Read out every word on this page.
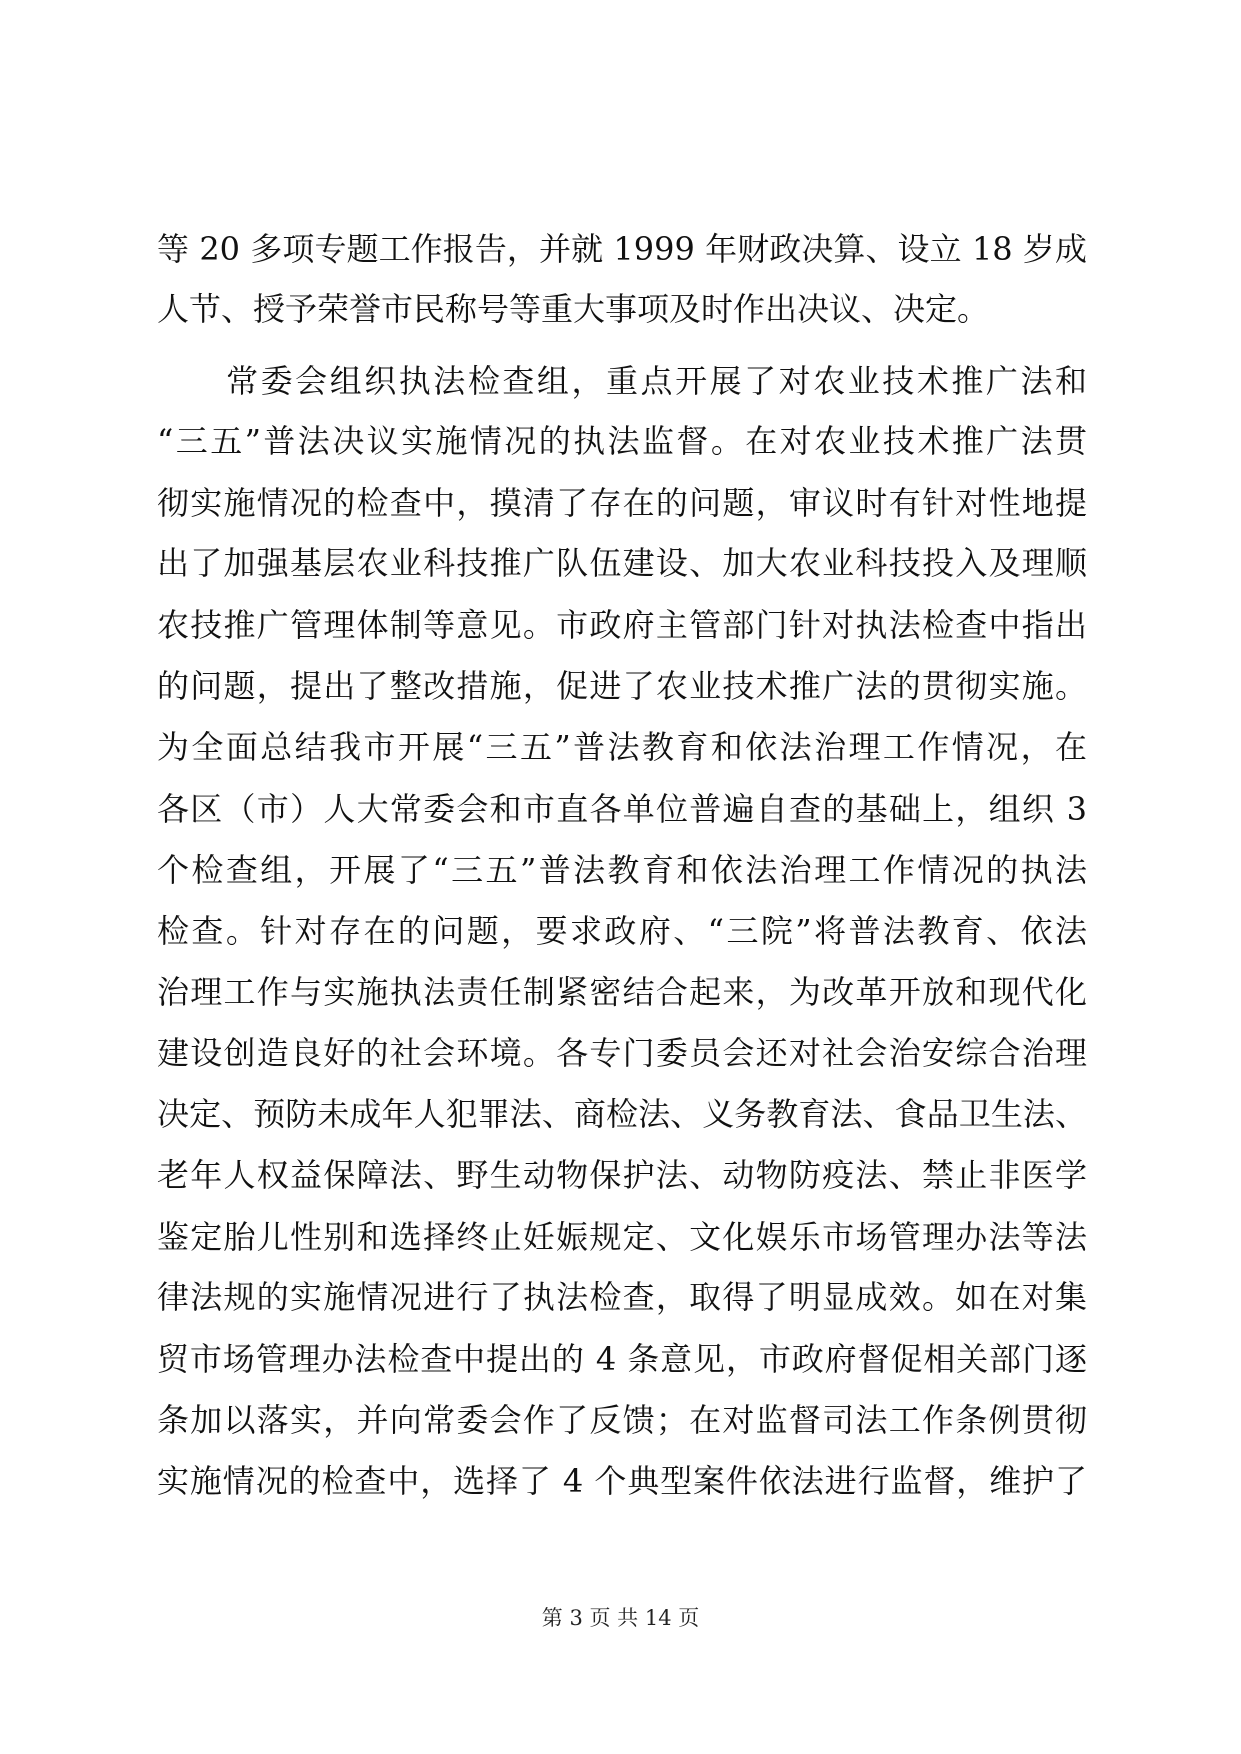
等 20 多项专题工作报告，并就 1999 年财政决算、设立 18 岁成
人节、授予荣誉市民称号等重大事项及时作出决议、决定。
　　常委会组织执法检查组，重点开展了对农业技术推广法和
“三五”普法决议实施情况的执法监督。在对农业技术推广法贯
彻实施情况的检查中，摸清了存在的问题，审议时有针对性地提
出了加强基层农业科技推广队伍建设、加大农业科技投入及理顺
农技推广管理体制等意见。市政府主管部门针对执法检查中指出
的问题，提出了整改措施，促进了农业技术推广法的贯彻实施。
为全面总结我市开展“三五”普法教育和依法治理工作情况，在
各区（市）人大常委会和市直各单位普遍自查的基础上，组织 3
个检查组，开展了“三五”普法教育和依法治理工作情况的执法
检查。针对存在的问题，要求政府、“三院”将普法教育、依法
治理工作与实施执法责任制紧密结合起来，为改革开放和现代化
建设创造良好的社会环境。各专门委员会还对社会治安综合治理
决定、预防未成年人犯罪法、商检法、义务教育法、食品卫生法、
老年人权益保障法、野生动物保护法、动物防疫法、禁止非医学
鉴定胎儿性别和选择终止妊娠规定、文化娱乐市场管理办法等法
律法规的实施情况进行了执法检查，取得了明显成效。如在对集
贸市场管理办法检查中提出的 4 条意见，市政府督促相关部门逐
条加以落实，并向常委会作了反馈；在对监督司法工作条例贯彻
实施情况的检查中，选择了 4 个典型案件依法进行监督，维护了
第 3 页 共 14 页
